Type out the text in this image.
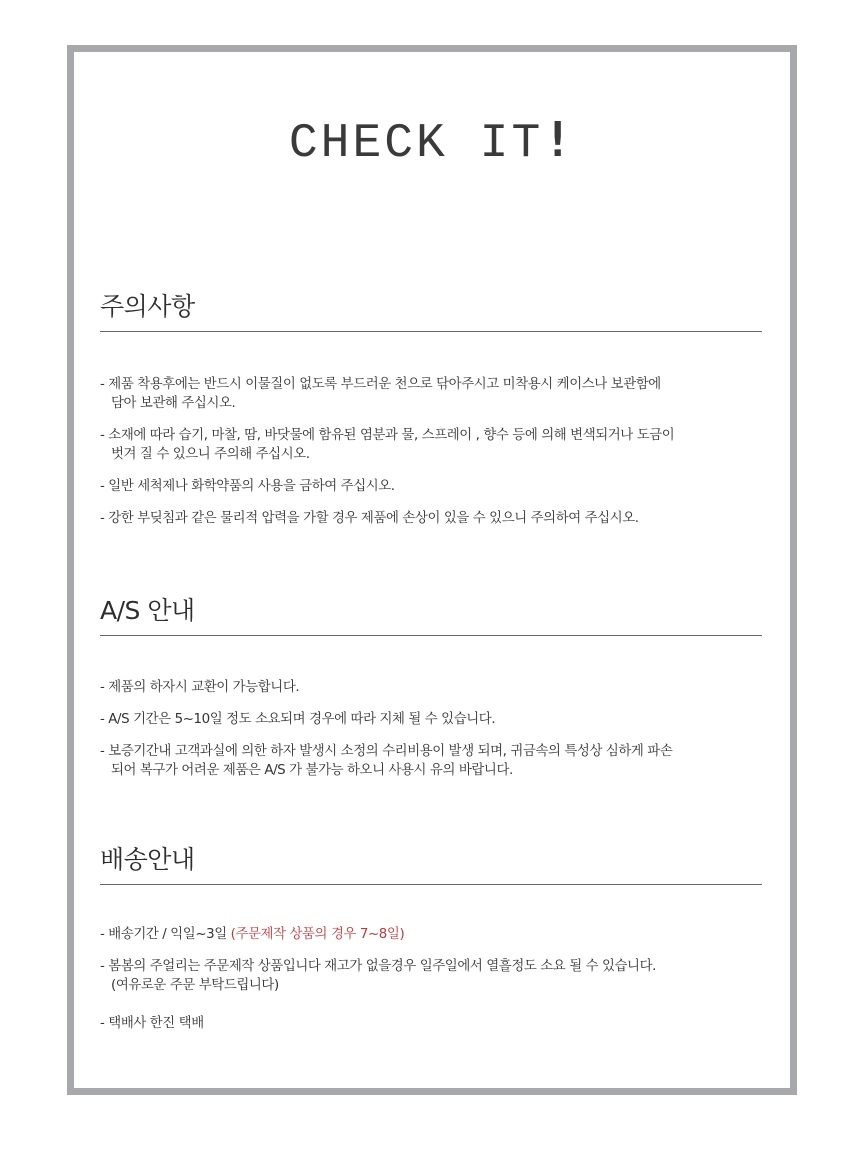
CHECK IT!
주의사항
- 제품 착용후에는 반드시 이물질이 없도록 부드러운 천으로 닦아주시고 미착용시 케이스나 보관함에
담아 보관해 주십시오.
- 소재에 따라 습기, 마찰, 땀, 바닷물에 함유된 염분과 물, 스프레이 , 향수 등에 의해 변색되거나 도금이
벗겨 질 수 있으니 주의해 주십시오.
- 일반 세척제나 화학약품의 사용을 금하여 주십시오.
- 강한 부딪침과 같은 물리적 압력을 가할 경우 제품에 손상이 있을 수 있으니 주의하여 주십시오.
A/S 안내
- 제품의 하자시 교환이 가능합니다.
- A/S 기간은 5~10일 정도 소요되며 경우에 따라 지체 될 수 있습니다.
- 보증기간내 고객과실에 의한 하자 발생시 소정의 수리비용이 발생 되며, 귀금속의 특성상 심하게 파손
되어 복구가 어려운 제품은 A/S 가 불가능 하오니 사용시 유의 바랍니다.
배송안내
- 배송기간 / 익일~3일 (주문제작 상품의 경우 7~8일)
- 봄봄의 주얼리는 주문제작 상품입니다 재고가 없을경우 일주일에서 열흘정도 소요 될 수 있습니다.
(여유로운 주문 부탁드립니다)
- 택배사 한진 택배
